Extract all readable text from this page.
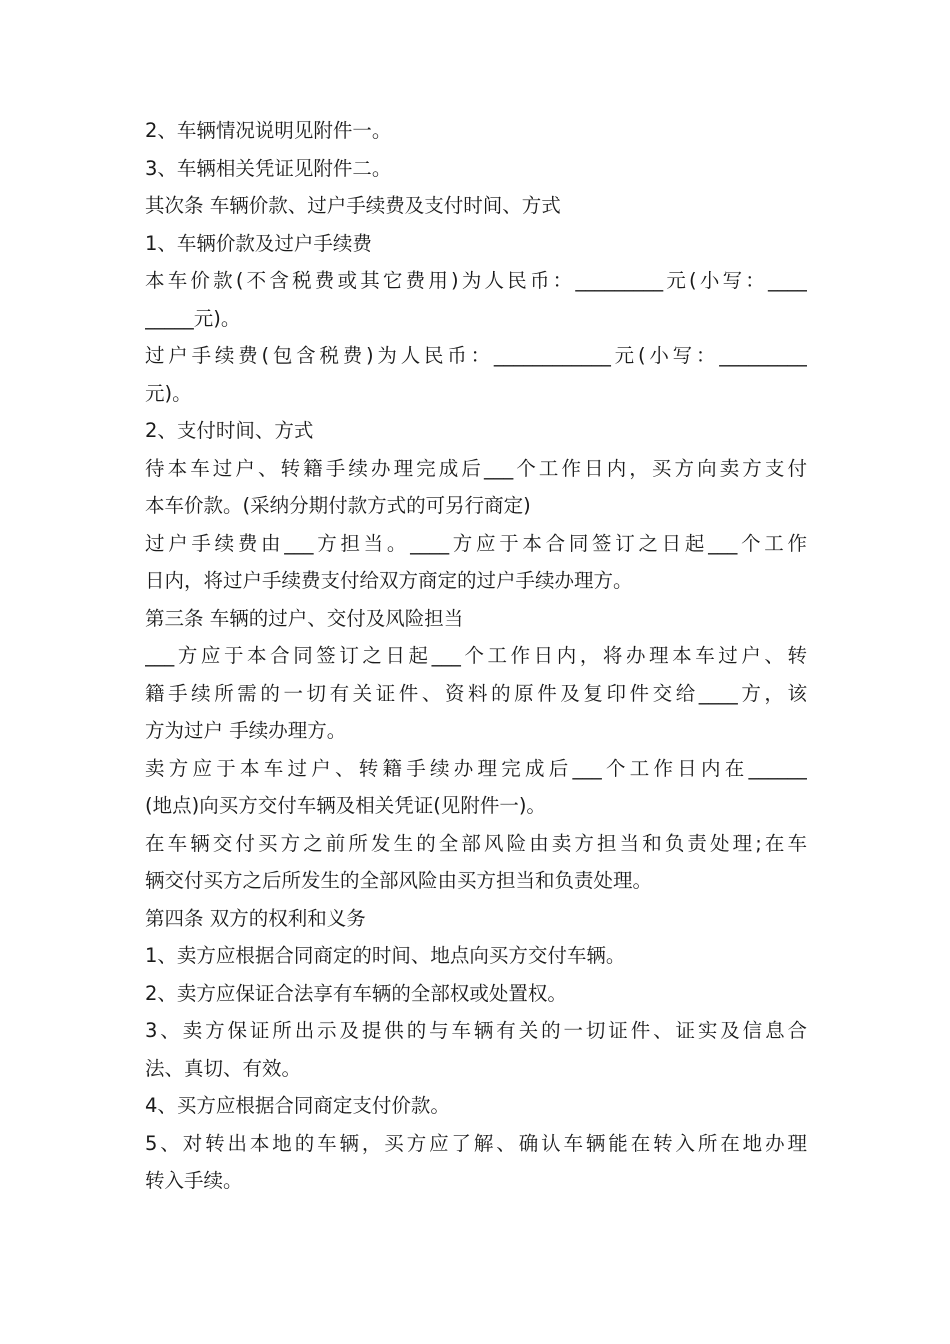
2、车辆情况说明见附件一。
3、车辆相关凭证见附件二。
其次条 车辆价款、过户手续费及支付时间、方式
1、车辆价款及过户手续费
本车价款(不含税费或其它费用)为人民币：_________元(小写：____
_____元)。
过户手续费(包含税费)为人民币：____________元(小写：_________
元)。
2、支付时间、方式
待本车过户、转籍手续办理完成后___个工作日内，买方向卖方支付
本车价款。(采纳分期付款方式的可另行商定)
过户手续费由___方担当。____方应于本合同签订之日起___个工作
日内，将过户手续费支付给双方商定的过户手续办理方。
第三条 车辆的过户、交付及风险担当
___方应于本合同签订之日起___个工作日内，将办理本车过户、转
籍手续所需的一切有关证件、资料的原件及复印件交给____方，该
方为过户 手续办理方。
卖方应于本车过户、转籍手续办理完成后___个工作日内在______
(地点)向买方交付车辆及相关凭证(见附件一)。
在车辆交付买方之前所发生的全部风险由卖方担当和负责处理;在车
辆交付买方之后所发生的全部风险由买方担当和负责处理。
第四条 双方的权利和义务
1、卖方应根据合同商定的时间、地点向买方交付车辆。
2、卖方应保证合法享有车辆的全部权或处置权。
3、卖方保证所出示及提供的与车辆有关的一切证件、证实及信息合
法、真切、有效。
4、买方应根据合同商定支付价款。
5、对转出本地的车辆，买方应了解、确认车辆能在转入所在地办理
转入手续。
